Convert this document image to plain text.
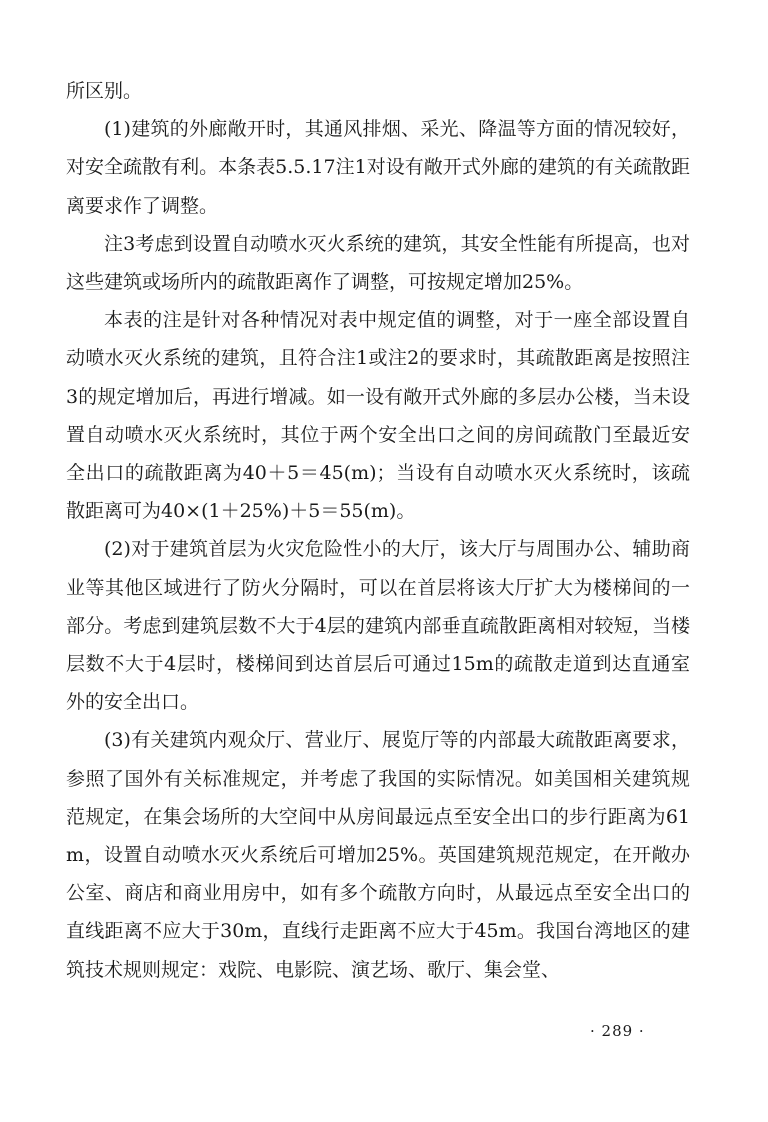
所区别。

(1)建筑的外廊敞开时，其通风排烟、采光、降温等方面的情况较好，对安全疏散有利。本条表5.5.17注1对设有敞开式外廊的建筑的有关疏散距离要求作了调整。

注3考虑到设置自动喷水灭火系统的建筑，其安全性能有所提高，也对这些建筑或场所内的疏散距离作了调整，可按规定增加25%。

本表的注是针对各种情况对表中规定值的调整，对于一座全部设置自动喷水灭火系统的建筑，且符合注1或注2的要求时，其疏散距离是按照注3的规定增加后，再进行增减。如一设有敞开式外廊的多层办公楼，当未设置自动喷水灭火系统时，其位于两个安全出口之间的房间疏散门至最近安全出口的疏散距离为40＋5＝45(m)；当设有自动喷水灭火系统时，该疏散距离可为40×(1＋25%)＋5＝55(m)。

(2)对于建筑首层为火灾危险性小的大厅，该大厅与周围办公、辅助商业等其他区域进行了防火分隔时，可以在首层将该大厅扩大为楼梯间的一部分。考虑到建筑层数不大于4层的建筑内部垂直疏散距离相对较短，当楼层数不大于4层时，楼梯间到达首层后可通过15m的疏散走道到达直通室外的安全出口。

(3)有关建筑内观众厅、营业厅、展览厅等的内部最大疏散距离要求，参照了国外有关标准规定，并考虑了我国的实际情况。如美国相关建筑规范规定，在集会场所的大空间中从房间最远点至安全出口的步行距离为61m，设置自动喷水灭火系统后可增加25%。英国建筑规范规定，在开敞办公室、商店和商业用房中，如有多个疏散方向时，从最远点至安全出口的直线距离不应大于30m，直线行走距离不应大于45m。我国台湾地区的建筑技术规则规定：戏院、电影院、演艺场、歌厅、集会堂、

· 289 ·
